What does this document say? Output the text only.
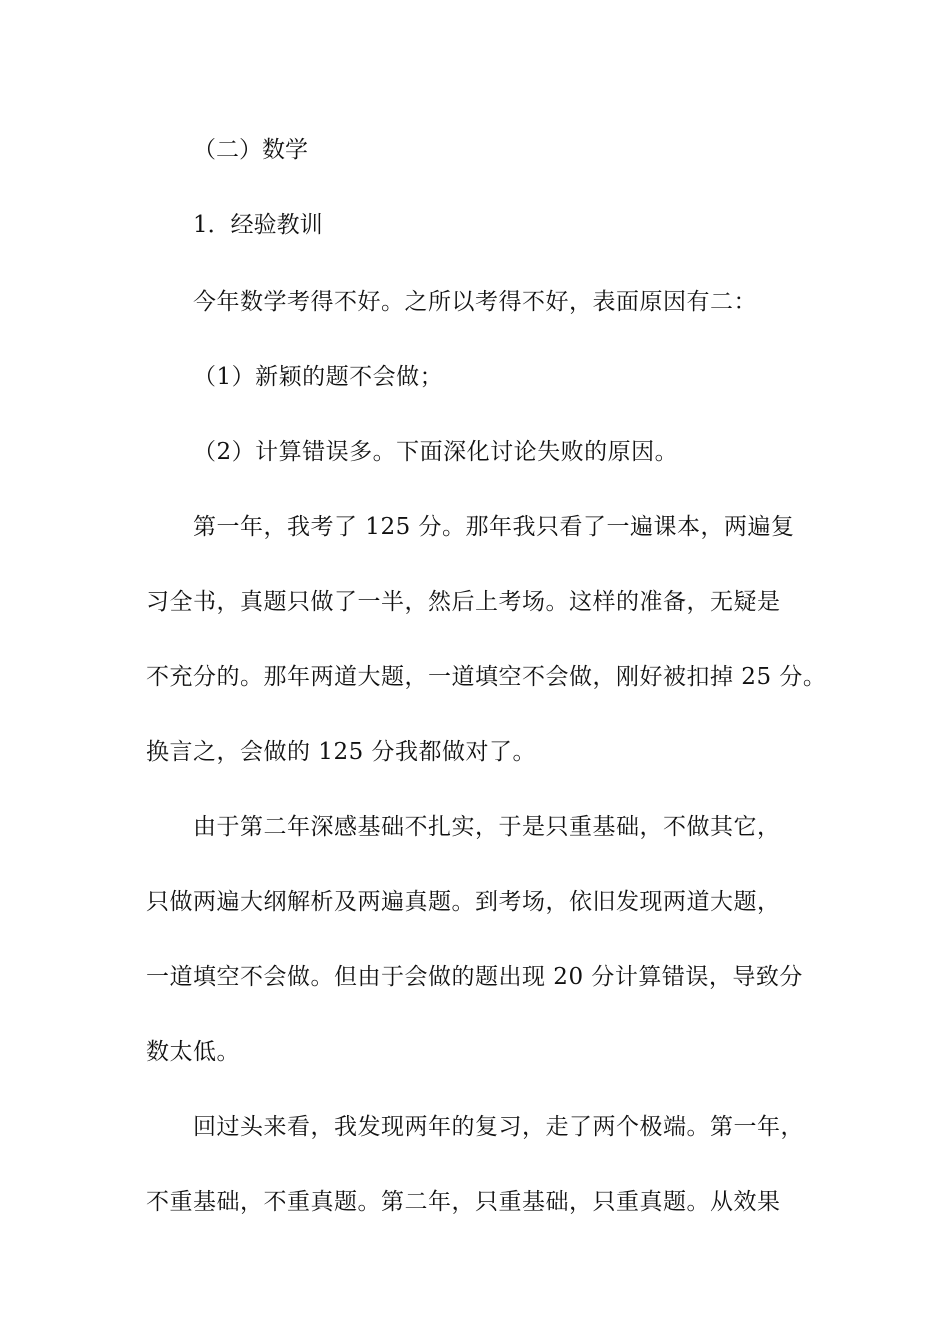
（二）数学
1．经验教训
今年数学考得不好。之所以考得不好，表面原因有二：
（1）新颖的题不会做；
（2）计算错误多。下面深化讨论失败的原因。
第一年，我考了 125 分。那年我只看了一遍课本，两遍复
习全书，真题只做了一半，然后上考场。这样的准备，无疑是
不充分的。那年两道大题，一道填空不会做，刚好被扣掉 25 分。
换言之，会做的 125 分我都做对了。
由于第二年深感基础不扎实，于是只重基础，不做其它，
只做两遍大纲解析及两遍真题。到考场，依旧发现两道大题，
一道填空不会做。但由于会做的题出现 20 分计算错误，导致分
数太低。
回过头来看，我发现两年的复习，走了两个极端。第一年，
不重基础，不重真题。第二年，只重基础，只重真题。从效果
